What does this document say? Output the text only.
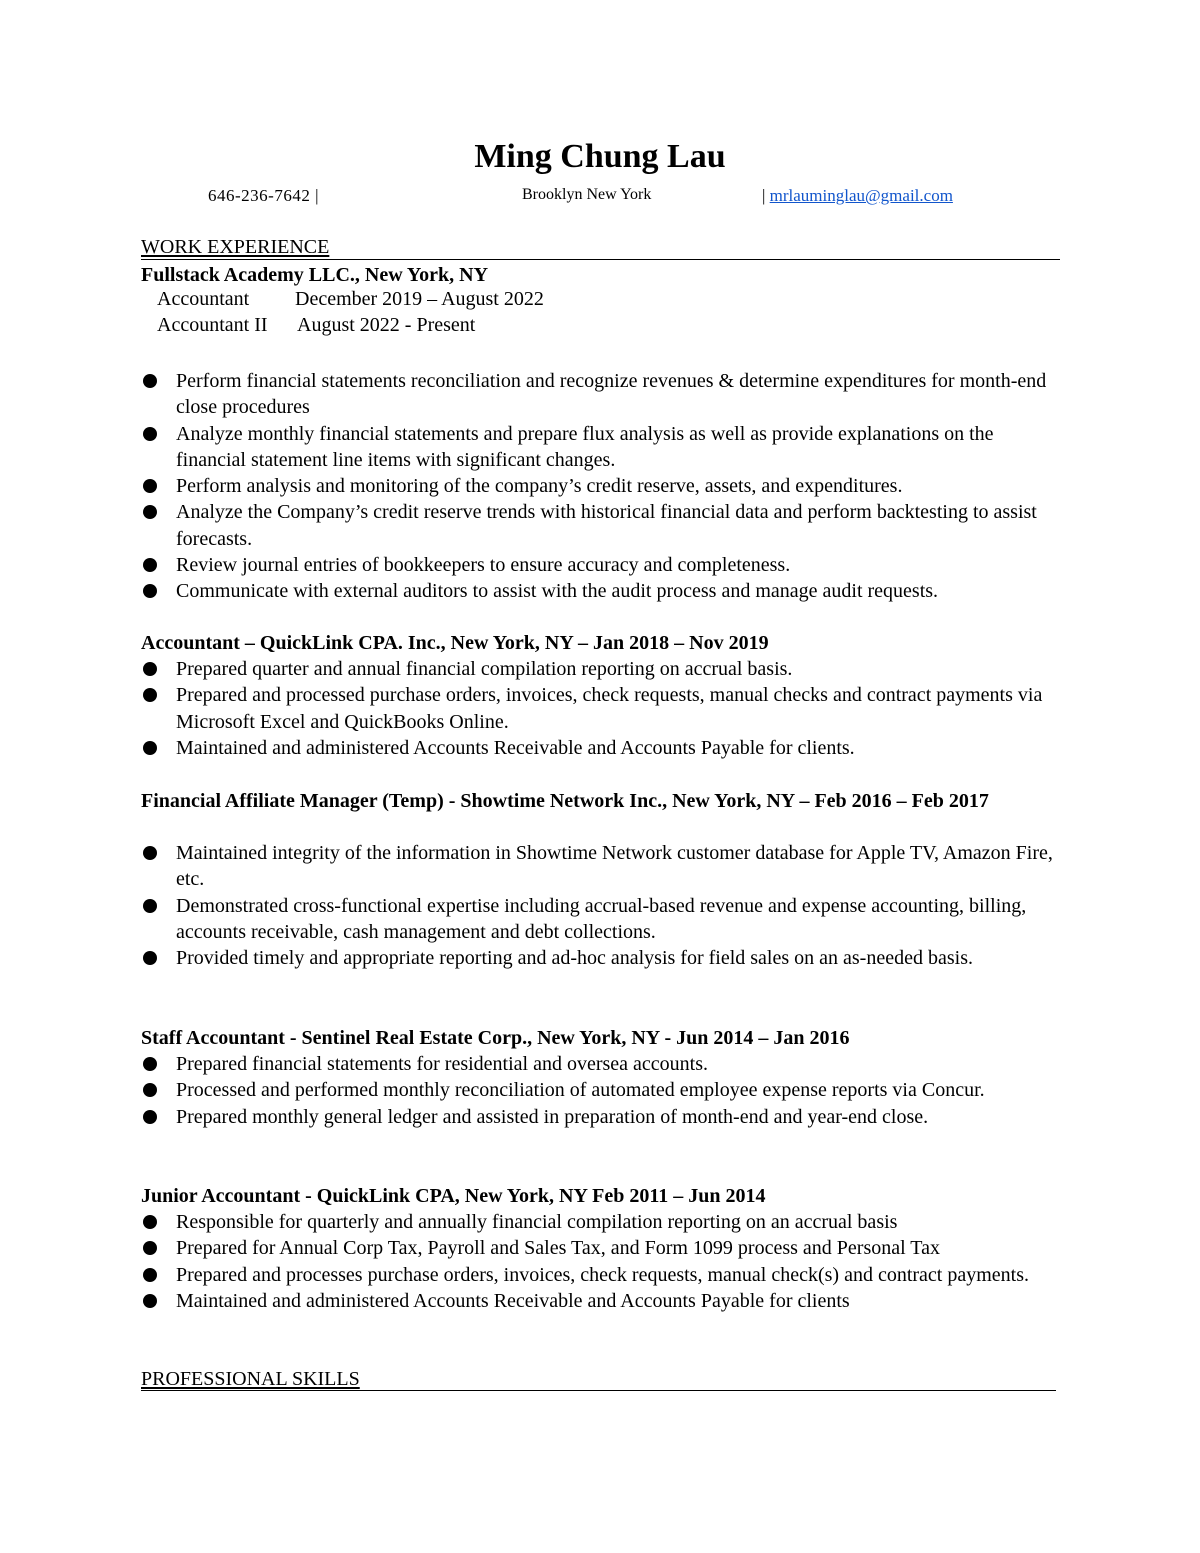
Ming Chung Lau
646-236-7642 |	Brooklyn New York	| mrlauminglau@gmail.com
WORK EXPERIENCE
Fullstack Academy LLC., New York, NY
Accountant December 2019 – August 2022
Accountant II August 2022 - Present
Perform financial statements reconciliation and recognize revenues & determine expenditures for month-end close procedures
Analyze monthly financial statements and prepare flux analysis as well as provide explanations on the financial statement line items with significant changes.
Perform analysis and monitoring of the company’s credit reserve, assets, and expenditures.
Analyze the Company’s credit reserve trends with historical financial data and perform backtesting to assist forecasts.
Review journal entries of bookkeepers to ensure accuracy and completeness.
Communicate with external auditors to assist with the audit process and manage audit requests.
Accountant – QuickLink CPA. Inc., New York, NY – Jan 2018 – Nov 2019
Prepared quarter and annual financial compilation reporting on accrual basis.
Prepared and processed purchase orders, invoices, check requests, manual checks and contract payments via Microsoft Excel and QuickBooks Online.
Maintained and administered Accounts Receivable and Accounts Payable for clients.
Financial Affiliate Manager (Temp) - Showtime Network Inc., New York, NY – Feb 2016 – Feb 2017
Maintained integrity of the information in Showtime Network customer database for Apple TV, Amazon Fire, etc.
Demonstrated cross-functional expertise including accrual-based revenue and expense accounting, billing, accounts receivable, cash management and debt collections.
Provided timely and appropriate reporting and ad-hoc analysis for field sales on an as-needed basis.
Staff Accountant - Sentinel Real Estate Corp., New York, NY - Jun 2014 – Jan 2016
Prepared financial statements for residential and oversea accounts.
Processed and performed monthly reconciliation of automated employee expense reports via Concur.
Prepared monthly general ledger and assisted in preparation of month-end and year-end close.
Junior Accountant - QuickLink CPA, New York, NY Feb 2011 – Jun 2014
Responsible for quarterly and annually financial compilation reporting on an accrual basis
Prepared for Annual Corp Tax, Payroll and Sales Tax, and Form 1099 process and Personal Tax
Prepared and processes purchase orders, invoices, check requests, manual check(s) and contract payments.
Maintained and administered Accounts Receivable and Accounts Payable for clients
PROFESSIONAL SKILLS
